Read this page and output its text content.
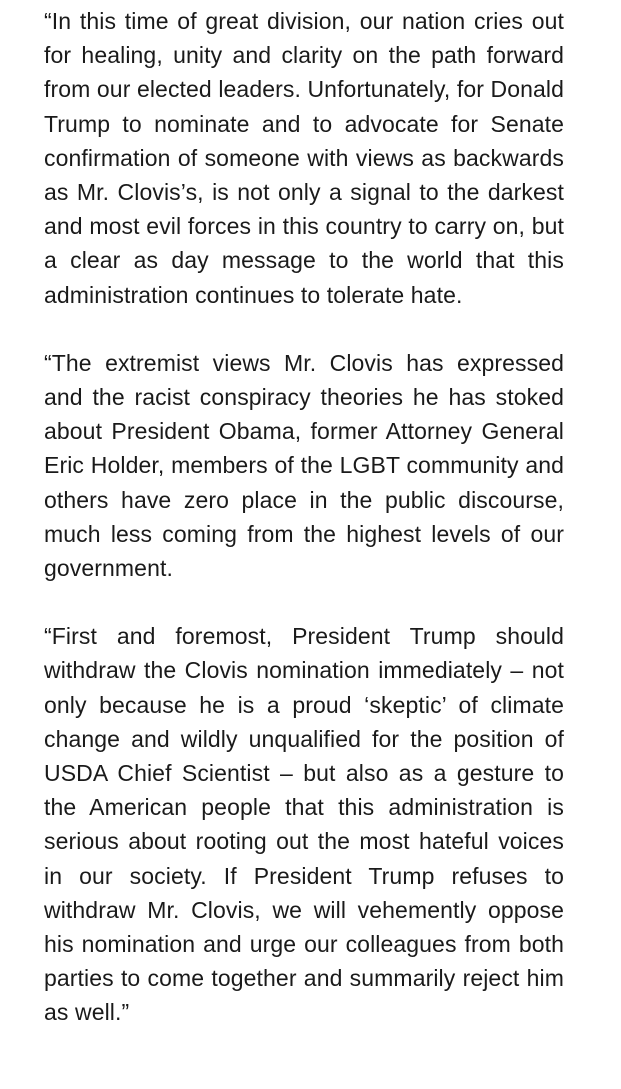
“In this time of great division, our nation cries out for healing, unity and clarity on the path forward from our elected leaders. Unfortunately, for Donald Trump to nominate and to advocate for Senate confirmation of someone with views as backwards as Mr. Clovis’s, is not only a signal to the darkest and most evil forces in this country to carry on, but a clear as day message to the world that this administration continues to tolerate hate.

“The extremist views Mr. Clovis has expressed and the racist conspiracy theories he has stoked about President Obama, former Attorney General Eric Holder, members of the LGBT community and others have zero place in the public discourse, much less coming from the highest levels of our government.

“First and foremost, President Trump should withdraw the Clovis nomination immediately – not only because he is a proud ‘skeptic’ of climate change and wildly unqualified for the position of USDA Chief Scientist – but also as a gesture to the American people that this administration is serious about rooting out the most hateful voices in our society. If President Trump refuses to withdraw Mr. Clovis, we will vehemently oppose his nomination and urge our colleagues from both parties to come together and summarily reject him as well.”
